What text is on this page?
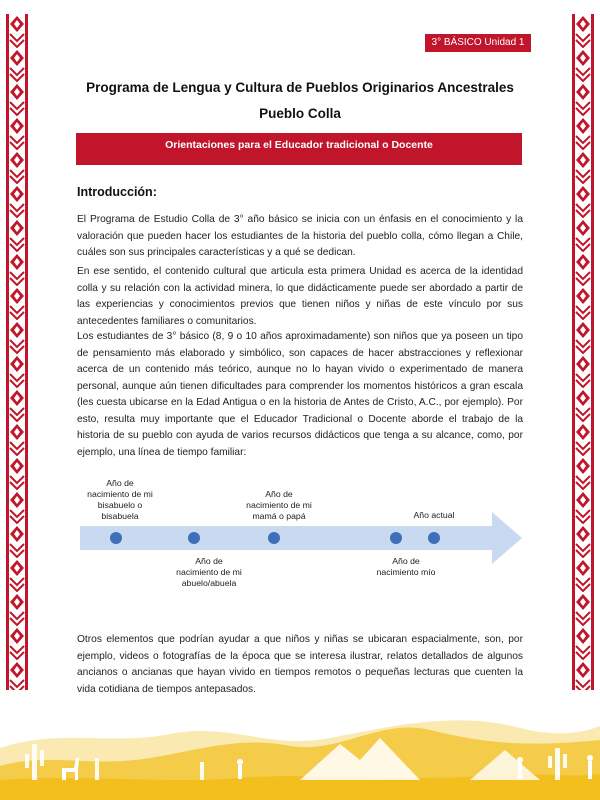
3° BÁSICO Unidad 1
Programa de Lengua y Cultura de Pueblos Originarios Ancestrales
Pueblo Colla
Orientaciones para el Educador tradicional o Docente
Introducción:
El Programa de Estudio Colla de 3° año básico se inicia con un énfasis en el conocimiento y la valoración que pueden hacer los estudiantes de la historia del pueblo colla, cómo llegan a Chile, cuáles son sus principales características y a qué se dedican.
En ese sentido, el contenido cultural que articula esta primera Unidad es acerca de la identidad colla y su relación con la actividad minera, lo que didácticamente puede ser abordado a partir de las experiencias y conocimientos previos que tienen niños y niñas de este vínculo por sus antecedentes familiares o comunitarios.
Los estudiantes de 3° básico (8, 9 o 10 años aproximadamente) son niños que ya poseen un tipo de pensamiento más elaborado y simbólico, son capaces de hacer abstracciones y reflexionar acerca de un contenido más teórico, aunque no lo hayan vivido o experimentado de manera personal, aunque aún tienen dificultades para comprender los momentos históricos a gran escala (les cuesta ubicarse en la Edad Antigua o en la historia de Antes de Cristo, A.C., por ejemplo). Por esto, resulta muy importante que el Educador Tradicional o Docente aborde el trabajo de la historia de su pueblo con ayuda de varios recursos didácticos que tenga a su alcance, como, por ejemplo, una línea de tiempo familiar:
Año de
nacimiento de mi
bisabuelo o
bisabuela
Año de
nacimiento de mi
abuelo/abuela
Año de
nacimiento de mi
mamá o papá
Año de
nacimiento mío
Año actual
Otros elementos que podrían ayudar a que niños y niñas se ubicaran espacialmente, son, por ejemplo, videos o fotografías de la época que se interesa ilustrar, relatos detallados de algunos ancianos o ancianas que hayan vivido en tiempos remotos o pequeñas lecturas que cuenten la vida cotidiana de tiempos antepasados.
